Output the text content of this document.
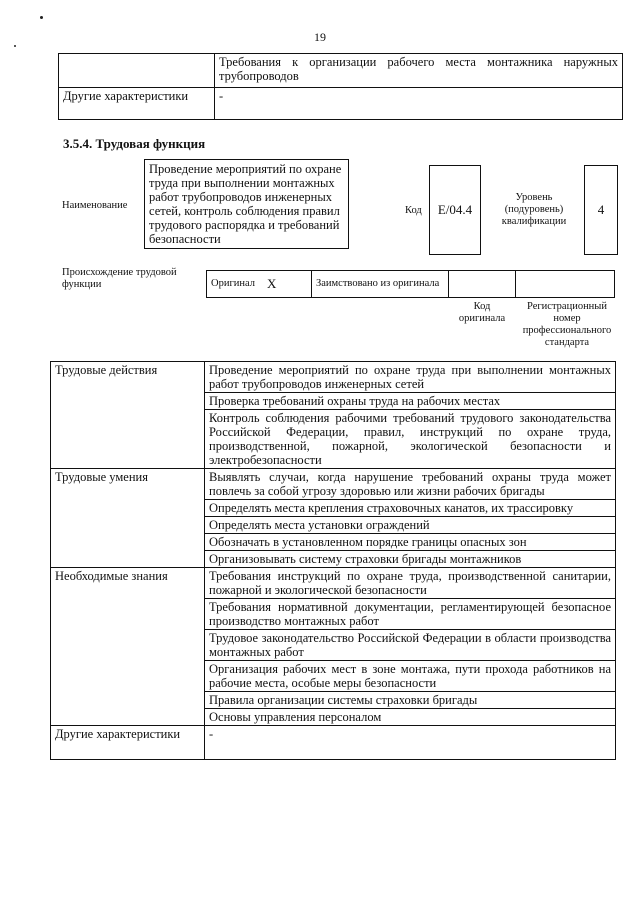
19
	Требования к организации рабочего места монтажника наружных трубопроводов
Другие характеристики	-
3.5.4. Трудовая функция
Наименование
Проведение мероприятий по охране труда при выполнении монтажных работ трубопроводов инженерных сетей, контроль соблюдения правил трудового распорядка и требований безопасности
Код	E/04.4
Уровень (подуровень) квалификации
4
Происхождение трудовой функции	Оригинал	X	Заимствовано из оригинала		
Код оригинала
Регистрационный номер профессионального стандарта
Трудовые действия	Проведение мероприятий по охране труда при выполнении монтажных работ трубопроводов инженерных сетей
	Проверка требований охраны труда на рабочих местах
	Контроль соблюдения рабочими требований трудового законодательства Российской Федерации, правил, инструкций по охране труда, производственной, пожарной, экологической безопасности и электробезопасности
Трудовые умения	Выявлять случаи, когда нарушение требований охраны труда может повлечь за собой угрозу здоровью или жизни рабочих бригады
	Определять места крепления страховочных канатов, их трассировку
	Определять места установки ограждений
	Обозначать в установленном порядке границы опасных зон
	Организовывать систему страховки бригады монтажников
Необходимые знания	Требования инструкций по охране труда, производственной санитарии, пожарной и экологической безопасности
	Требования нормативной документации, регламентирующей безопасное производство монтажных работ
	Трудовое законодательство Российской Федерации в области производства монтажных работ
	Организация рабочих мест в зоне монтажа, пути прохода работников на рабочие места, особые меры безопасности
	Правила организации системы страховки бригады
	Основы управления персоналом
Другие характеристики	-
